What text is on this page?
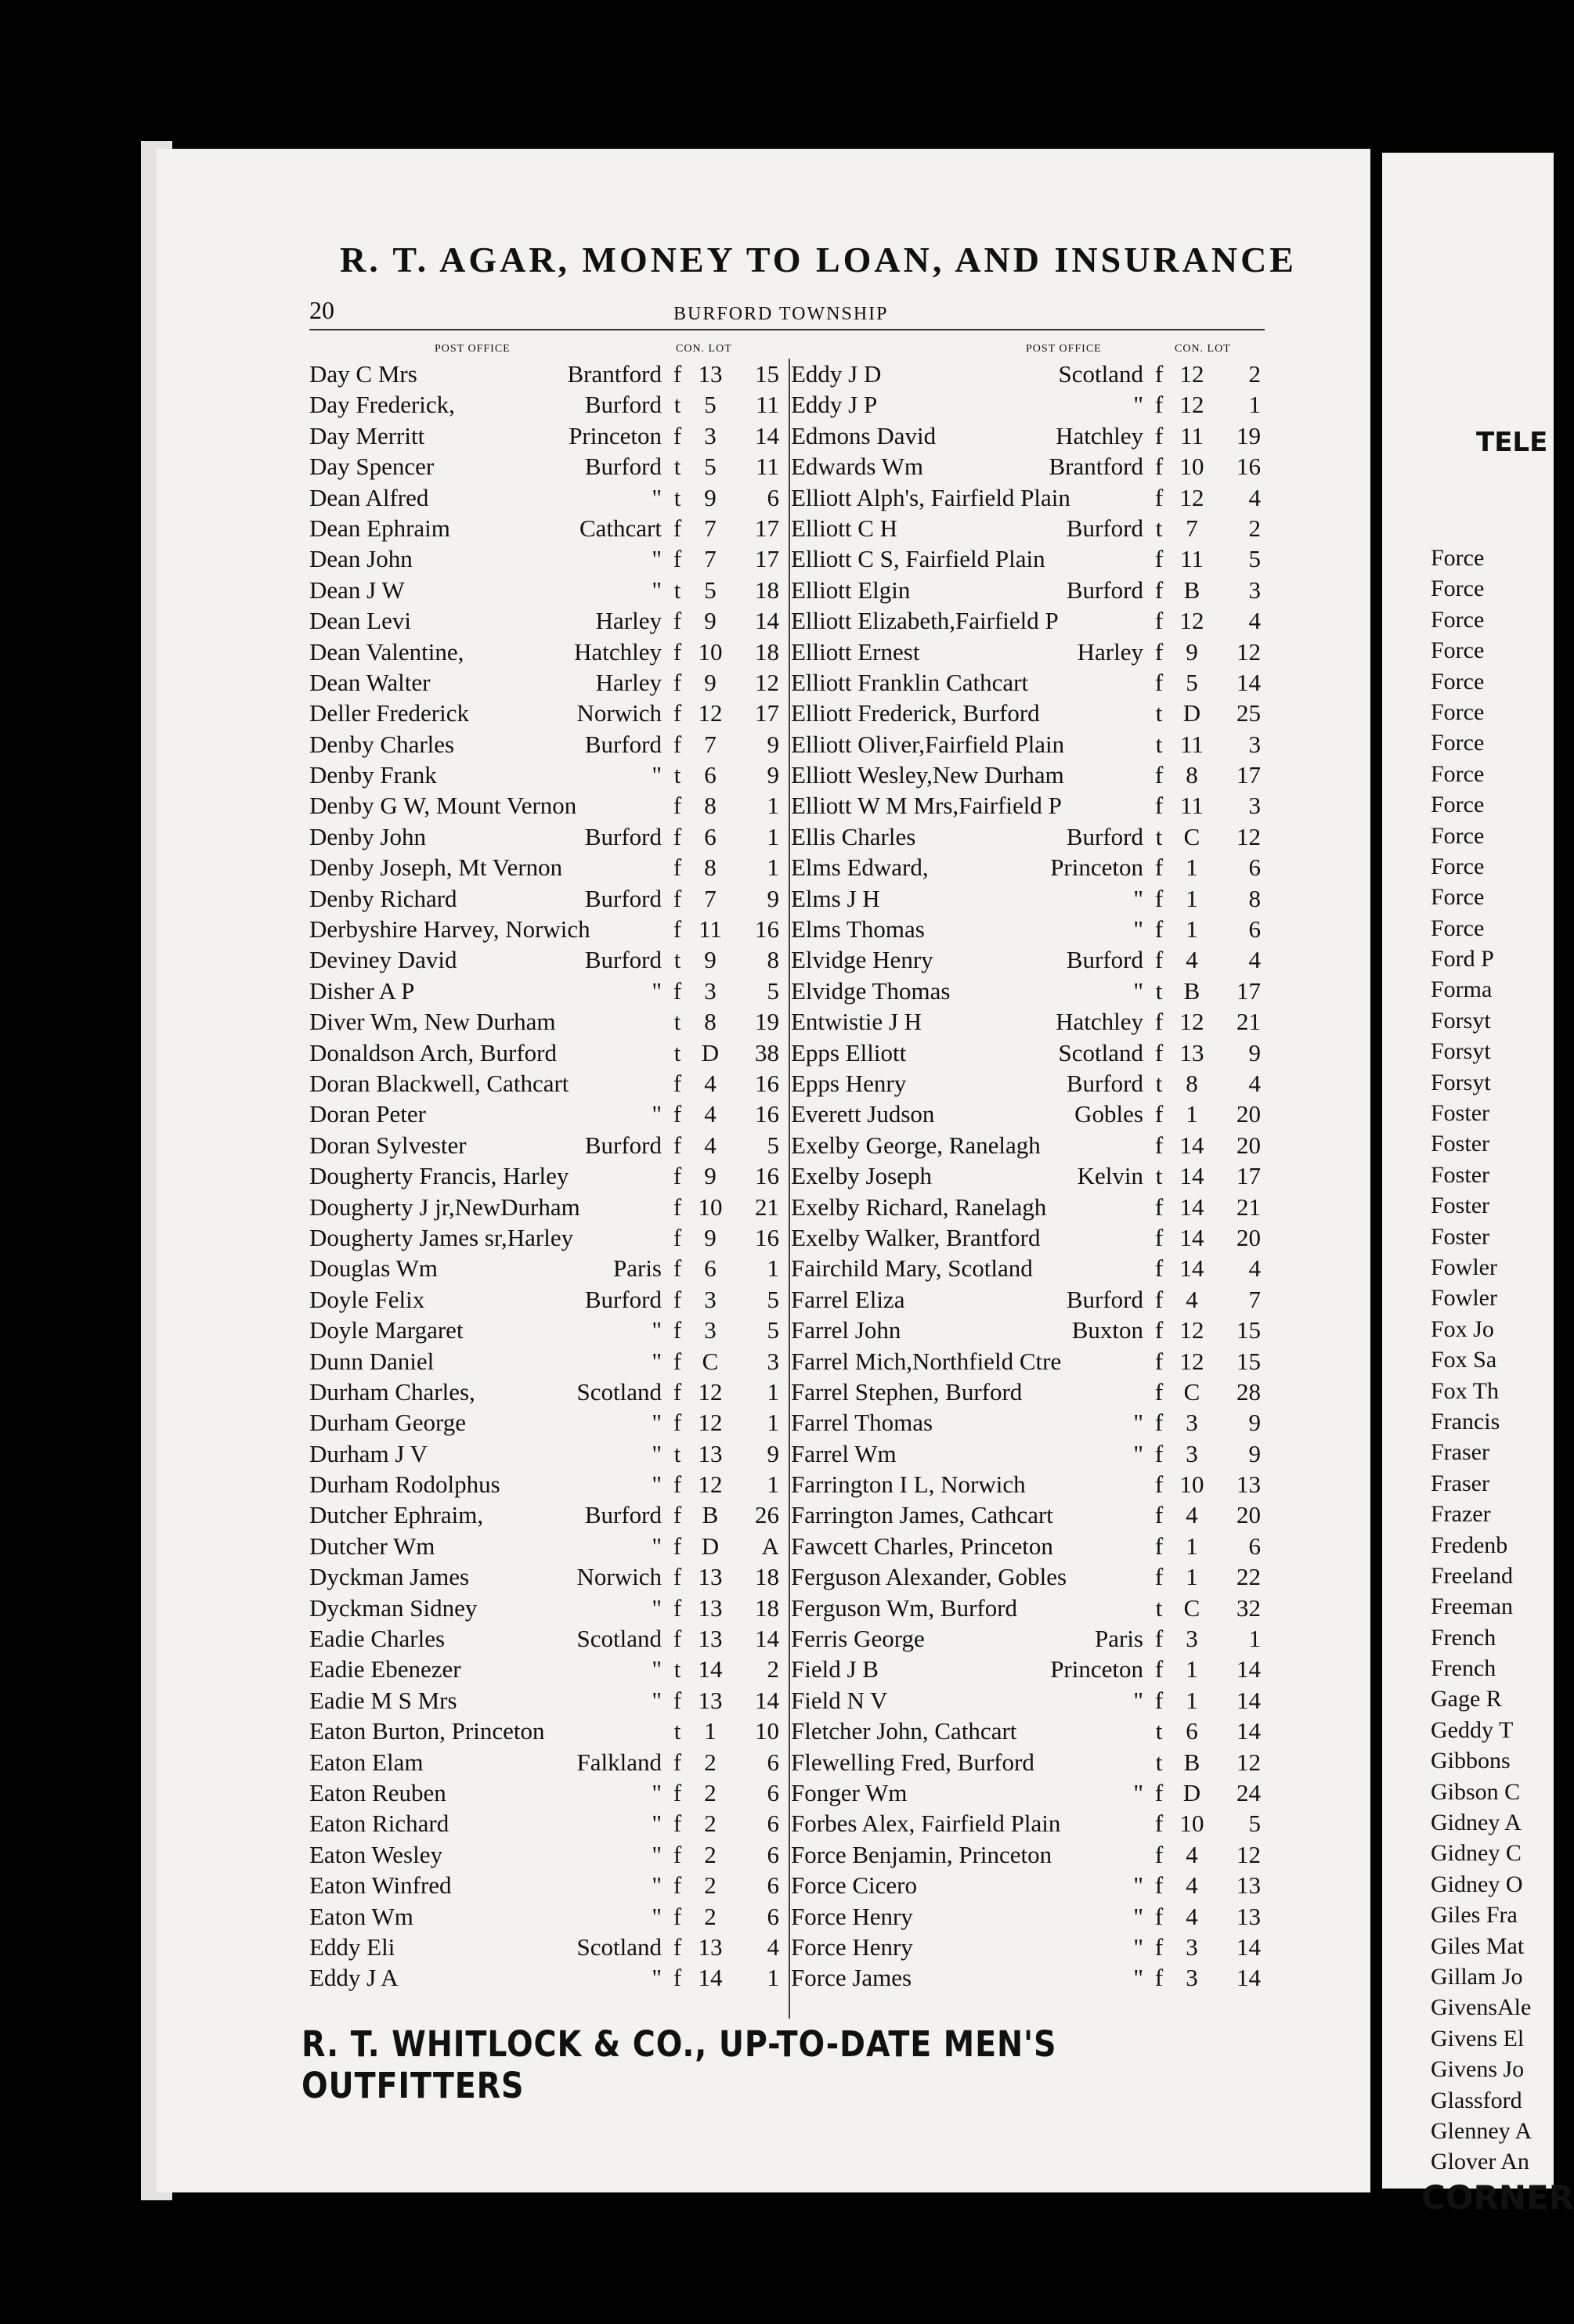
R. T. AGAR, MONEY TO LOAN, AND INSURANCE
20	BURFORD TOWNSHIP
POST OFFICE	CON. LOT
Day C Mrs	Brantford f 13	15
Day Frederick,	Burford t 5	11
Day Merritt	Princeton f 3	14
Day Spencer	Burford t 5	11
Dean Alfred	" t 9	6
Dean Ephraim	Cathcart f 7	17
Dean John	" f 7	17
Dean J W	" t 5	18
Dean Levi	Harley f 9	14
Dean Valentine,	Hatchley f 10	18
Dean Walter	Harley f 9	12
Deller Frederick	Norwich f 12	17
Denby Charles	Burford f 7	9
Denby Frank	" t 6	9
Denby G W, Mount Vernon	f 8	1
Denby John	Burford f 6	1
Denby Joseph, Mt Vernon	f 8	1
Denby Richard	Burford f 7	9
Derbyshire Harvey, Norwich	f 11	16
Deviney David	Burford t 9	8
Disher A P	" f 3	5
Diver Wm, New Durham	t 8	19
Donaldson Arch, Burford	t D	38
Doran Blackwell, Cathcart	f 4	16
Doran Peter	" f 4	16
Doran Sylvester	Burford f 4	5
Dougherty Francis, Harley	f 9	16
Dougherty J jr,NewDurham	f 10	21
Dougherty James sr,Harley	f 9	16
Douglas Wm	Paris f 6	1
Doyle Felix	Burford f 3	5
Doyle Margaret	" f 3	5
Dunn Daniel	" f C	3
Durham Charles,	Scotland f 12	1
Durham George	" f 12	1
Durham J V	" t 13	9
Durham Rodolphus	" f 12	1
Dutcher Ephraim,	Burford f B	26
Dutcher Wm	" f D	A
Dyckman James	Norwich f 13	18
Dyckman Sidney	" f 13	18
Eadie Charles	Scotland f 13	14
Eadie Ebenezer	" t 14	2
Eadie M S Mrs	" f 13	14
Eaton Burton, Princeton	t 1	10
Eaton Elam	Falkland f 2	6
Eaton Reuben	" f 2	6
Eaton Richard	" f 2	6
Eaton Wesley	" f 2	6
Eaton Winfred	" f 2	6
Eaton Wm	" f 2	6
Eddy Eli	Scotland f 13	4
Eddy J A	" f 14	1
POST OFFICE	CON. LOT
Eddy J D	Scotland f 12	2
Eddy J P	" f 12	1
Edmons David	Hatchley f 11	19
Edwards Wm	Brantford f 10	16
Elliott Alph's, Fairfield Plain	f 12	4
Elliott C H	Burford t 7	2
Elliott C S, Fairfield Plain	f 11	5
Elliott Elgin	Burford f B	3
Elliott Elizabeth,Fairfield P	f 12	4
Elliott Ernest	Harley f 9	12
Elliott Franklin Cathcart	f 5	14
Elliott Frederick, Burford	t D	25
Elliott Oliver,Fairfield Plain	t 11	3
Elliott Wesley,New Durham	f 8	17
Elliott W M Mrs,Fairfield P	f 11	3
Ellis Charles	Burford t C	12
Elms Edward,	Princeton f 1	6
Elms J H	" f 1	8
Elms Thomas	" f 1	6
Elvidge Henry	Burford f 4	4
Elvidge Thomas	" t B	17
Entwistie J H	Hatchley f 12	21
Epps Elliott	Scotland f 13	9
Epps Henry	Burford t 8	4
Everett Judson	Gobles f 1	20
Exelby George, Ranelagh	f 14	20
Exelby Joseph	Kelvin t 14	17
Exelby Richard, Ranelagh	f 14	21
Exelby Walker, Brantford	f 14	20
Fairchild Mary, Scotland	f 14	4
Farrel Eliza	Burford f 4	7
Farrel John	Buxton f 12	15
Farrel Mich,Northfield Ctre	f 12	15
Farrel Stephen, Burford	f C	28
Farrel Thomas	" f 3	9
Farrel Wm	" f 3	9
Farrington I L, Norwich	f 10	13
Farrington James, Cathcart	f 4	20
Fawcett Charles, Princeton	f 1	6
Ferguson Alexander, Gobles	f 1	22
Ferguson Wm, Burford	t C	32
Ferris George	Paris f 3	1
Field J B	Princeton f 1	14
Field N V	" f 1	14
Fletcher John, Cathcart	t 6	14
Flewelling Fred, Burford	t B	12
Fonger Wm	" f D	24
Forbes Alex, Fairfield Plain	f 10	5
Force Benjamin, Princeton	f 4	12
Force Cicero	" f 4	13
Force Henry	" f 4	13
Force Henry	" f 3	14
Force James	" f 3	14
R. T. WHITLOCK & CO., UP-TO-DATE MEN'S OUTFITTERS
TELE
Force
Force
Force
Force
Force
Force
Force
Force
Force
Force
Force
Force
Force
Ford P
Forma
Forsyt
Forsyt
Forsyt
Foster
Foster
Foster
Foster
Foster
Fowler
Fowler
Fox Jo
Fox Sa
Fox Th
Francis
Fraser
Fraser
Frazer
Fredenb
Freeland
Freeman
French
French
Gage R
Geddy T
Gibbons
Gibson C
Gidney A
Gidney C
Gidney O
Giles Fra
Giles Mat
Gillam Jo
GivensAle
Givens El
Givens Jo
Glassford
Glenney A
Glover An
CORNER
